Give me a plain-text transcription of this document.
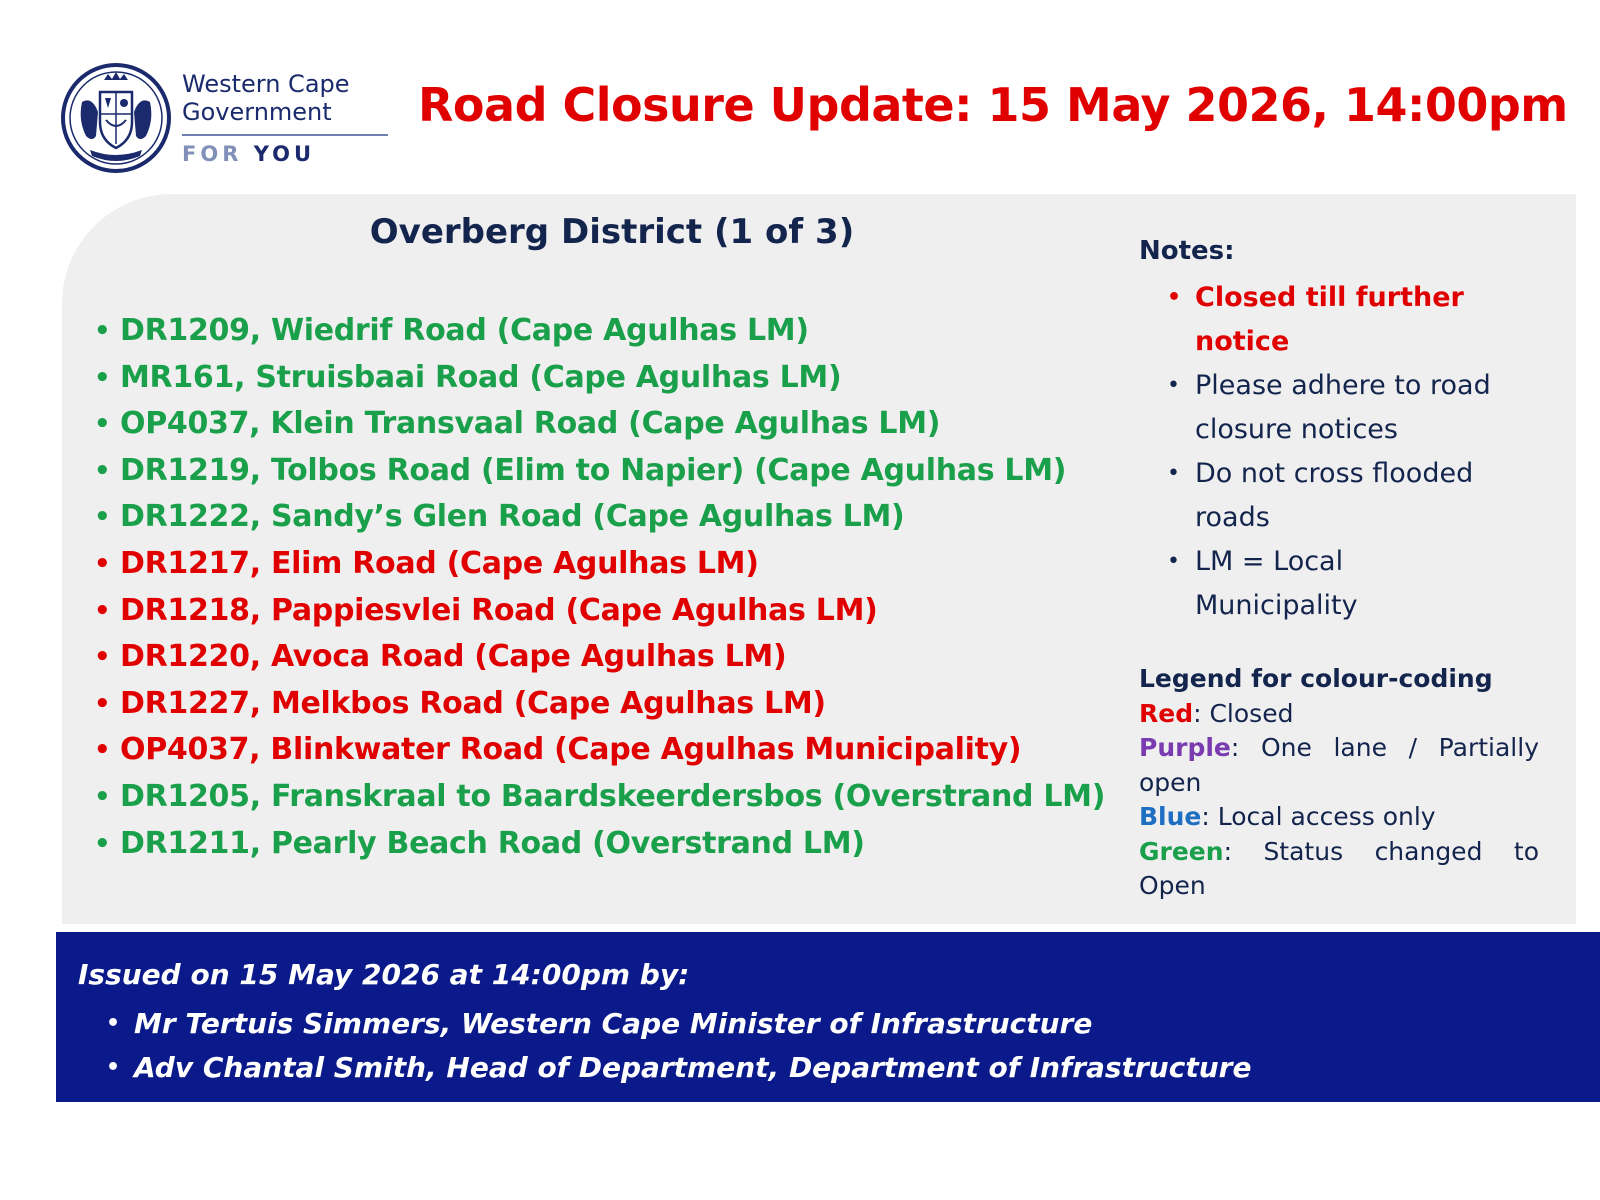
Western Cape
Government
FOR YOU
Road Closure Update: 15 May 2026, 14:00pm
Overberg District (1 of 3)
• DR1209, Wiedrif Road (Cape Agulhas LM)
• MR161, Struisbaai Road (Cape Agulhas LM)
• OP4037, Klein Transvaal Road (Cape Agulhas LM)
• DR1219, Tolbos Road (Elim to Napier) (Cape Agulhas LM)
• DR1222, Sandy’s Glen Road (Cape Agulhas LM)
• DR1217, Elim Road (Cape Agulhas LM)
• DR1218, Pappiesvlei Road (Cape Agulhas LM)
• DR1220, Avoca Road (Cape Agulhas LM)
• DR1227, Melkbos Road (Cape Agulhas LM)
• OP4037, Blinkwater Road (Cape Agulhas Municipality)
• DR1205, Franskraal to Baardskeerdersbos (Overstrand LM)
• DR1211, Pearly Beach Road (Overstrand LM)
Notes:
• Closed till further
notice
• Please adhere to road
closure notices
• Do not cross flooded
roads
• LM = Local
Municipality
Legend for colour-coding
Red: Closed
Purple: One lane / Partially open
Blue: Local access only
Green: Status changed to Open
Issued on 15 May 2026 at 14:00pm by:
• Mr Tertuis Simmers, Western Cape Minister of Infrastructure
• Adv Chantal Smith, Head of Department, Department of Infrastructure
